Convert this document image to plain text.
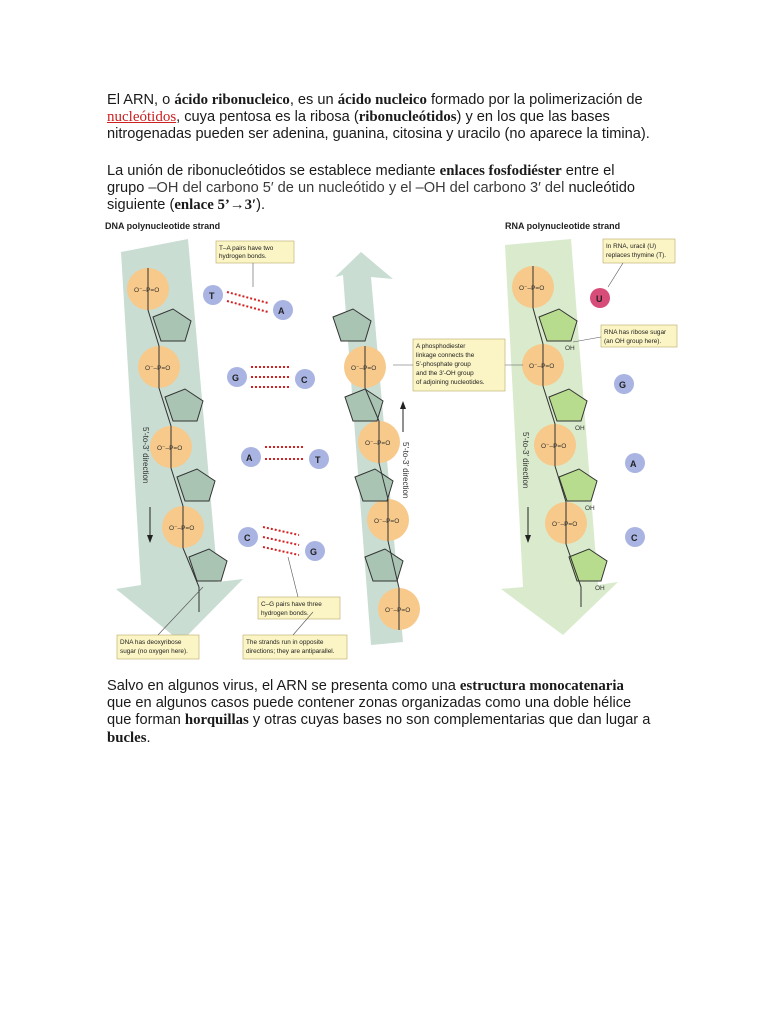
El ARN, o ácido ribonucleico, es un ácido nucleico formado por la polimerización de nucleótidos, cuya pentosa es la ribosa (ribonucleótidos) y en los que las bases nitrogenadas pueden ser adenina, guanina, citosina y uracilo (no aparece la timina).

La unión de ribonucleótidos se establece mediante enlaces fosfodiéster entre el grupo –OH del carbono 5′ de un nucleótido y el –OH del carbono 3′ del nucleótido siguiente (enlace 5’→3′).

DNA polynucleotide strand	RNA polynucleotide strand
5′-to-3′ direction	5′-to-3′ direction	5′-to-3′ direction
O⁻–P=O
O⁻–P=O
O⁻–P=O
O⁻–P=O
O⁻–P=O
O⁻–P=O
O⁻–P=O
O⁻–P=O
O⁻–P=O
O⁻–P=O
O⁻–P=O
O⁻–P=O
OH
OH
OH
OH
T
G
A
C
A
C
T
G
U
G
A
C
T–A pairs have two
hydrogen bonds.
A phosphodiester
linkage connects the
5′-phosphate group
and the 3′-OH group
of adjoining nucleotides.
In RNA, uracil (U)
replaces thymine (T).
RNA has ribose sugar
(an OH group here).
C–G pairs have three
hydrogen bonds.
DNA has deoxyribose
sugar (no oxygen here).
The strands run in opposite
directions; they are antiparallel.

Salvo en algunos virus, el ARN se presenta como una estructura monocatenaria que en algunos casos puede contener zonas organizadas como una doble hélice que forman horquillas y otras cuyas bases no son complementarias que dan lugar a bucles.
